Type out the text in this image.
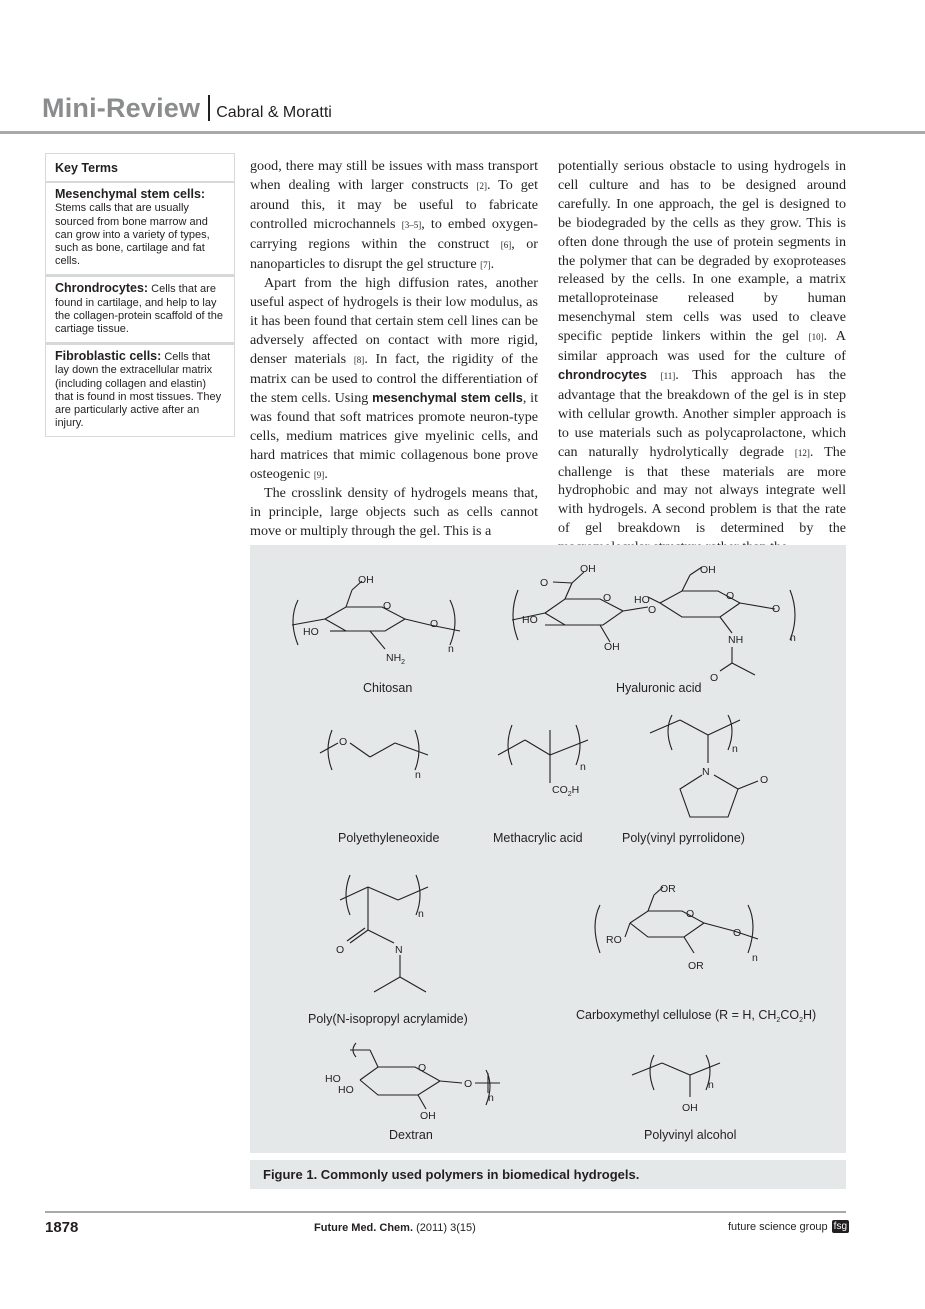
Mini-Review Cabral & Moratti
Key Terms
Mesenchymal stem cells:
Stems calls that are usually sourced from bone marrow and can grow into a variety of types, such as bone, cartilage and fat cells.
Chrondrocytes: Cells that are found in cartilage, and help to lay the collagen-protein scaffold of the cartiage tissue.
Fibroblastic cells: Cells that lay down the extracellular matrix (including collagen and elastin) that is found in most tissues. They are particularly active after an injury.

good, there may still be issues with mass transport when dealing with larger constructs [2]. To get around this, it may be useful to fabricate controlled microchannels [3–5], to embed oxygen-carrying regions within the construct [6], or nanoparticles to disrupt the gel structure [7].

Apart from the high diffusion rates, another useful aspect of hydrogels is their low modulus, as it has been found that certain stem cell lines can be adversely affected on contact with more rigid, denser materials [8]. In fact, the rigidity of the matrix can be used to control the differentiation of the stem cells. Using mesenchymal stem cells, it was found that soft matrices promote neuron-type cells, medium matrices give myelinic cells, and hard matrices that mimic collagenous bone prove osteogenic [9].

The crosslink density of hydrogels means that, in principle, large objects such as cells cannot move or multiply through the gel. This is a

potentially serious obstacle to using hydrogels in cell culture and has to be designed around carefully. In one approach, the gel is designed to be biodegraded by the cells as they grow. This is often done through the use of protein segments in the polymer that can be degraded by exoproteases released by the cells. In one example, a matrix metalloproteinase released by human mesenchymal stem cells was used to cleave specific peptide linkers within the gel [10]. A similar approach was used for the culture of chrondrocytes [11]. This approach has the advantage that the breakdown of the gel is in step with cellular growth. Another simpler approach is to use materials such as polycaprolactone, which can naturally hydrolytically degrade [12]. The challenge is that these materials are more hydrophobic and may not always integrate well with hydrogels. A second problem is that the rate of gel breakdown is determined by the

OH
O
HO
O
$NH_2$
n
Chitosan
O
OH
O HO
O
OH
O
HO
O
NH	n
OH
O
Hyaluronic acid
O
n
Polyethyleneoxide
n
$CO_2H$
Methacrylic acid
N
O
n
Poly(vinyl pyrrolidone)
O	N
n
Poly(N-isopropyl acrylamide)
OR
O
RO
O
OR
n
Carboxymethyl cellulose (R = H, $CH_2CO_2H$)
HO
HO
O
O
n
OH
Dextran
n
OH
Polyvinyl alcohol
Figure 1. Commonly used polymers in biomedical hydrogels.
1878	Future Med. Chem. (2011) 3(15)	future science group fsg
